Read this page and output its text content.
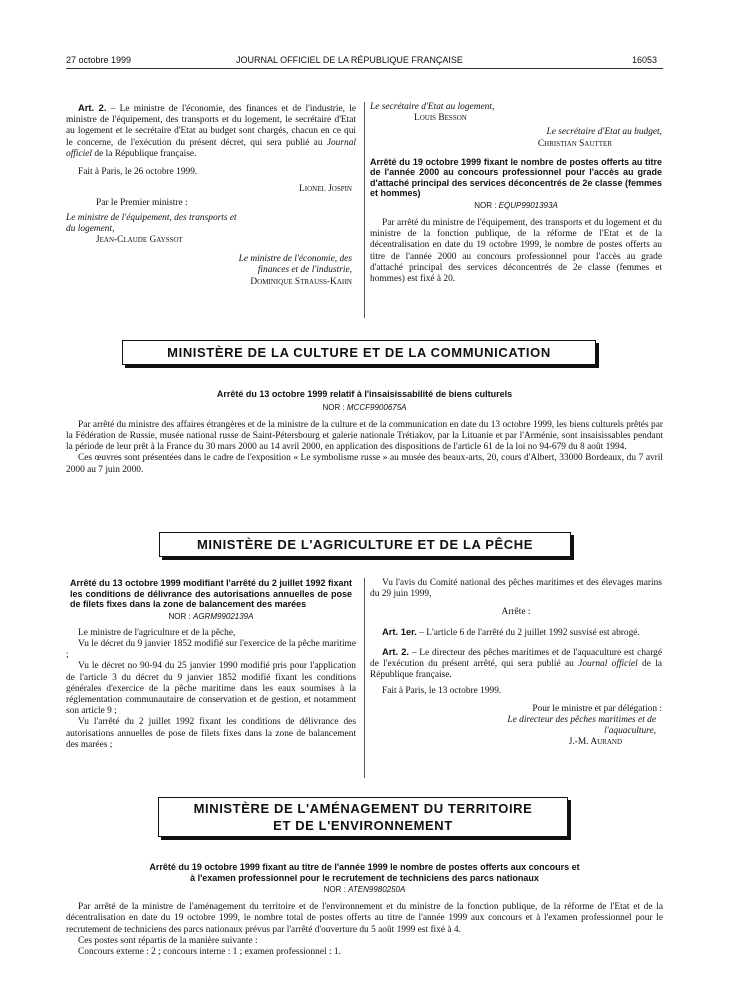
27 octobre 1999	JOURNAL OFFICIEL DE LA RÉPUBLIQUE FRANÇAISE	16053

Art. 2. – Le ministre de l'économie, des finances et de l'industrie, le ministre de l'équipement, des transports et du logement, le secrétaire d'Etat au logement et le secrétaire d'Etat au budget sont chargés, chacun en ce qui le concerne, de l'exécution du présent décret, qui sera publié au Journal officiel de la République française.

Fait à Paris, le 26 octobre 1999.

Lionel Jospin

Par le Premier ministre :

Le ministre de l'équipement, des transports et du logement,

Jean-Claude Gayssot

Le ministre de l'économie, des finances et de l'industrie,

Dominique Strauss-Kahn

Le secrétaire d'Etat au logement,

Louis Besson

Le secrétaire d'Etat au budget,

Christian Sautter

Arrêté du 19 octobre 1999 fixant le nombre de postes offerts au titre de l'année 2000 au concours professionnel pour l'accès au grade d'attaché principal des services déconcentrés de 2e classe (femmes et hommes)

NOR : EQUP9901393A

Par arrêté du ministre de l'équipement, des transports et du logement et du ministre de la fonction publique, de la réforme de l'Etat et de la décentralisation en date du 19 octobre 1999, le nombre de postes offerts au titre de l'année 2000 au concours professionnel pour l'accès au grade d'attaché principal des services déconcentrés de 2e classe (femmes et hommes) est fixé à 20.

MINISTÈRE DE LA CULTURE ET DE LA COMMUNICATION

Arrêté du 13 octobre 1999 relatif à l'insaisissabilité de biens culturels

NOR : MCCF9900675A

Par arrêté du ministre des affaires étrangères et de la ministre de la culture et de la communication en date du 13 octobre 1999, les biens culturels prêtés par la Fédération de Russie, musée national russe de Saint-Pétersbourg et galerie nationale Trétiakov, par la Lituanie et par l'Arménie, sont insaisissables pendant la période de leur prêt à la France du 30 mars 2000 au 14 avril 2000, en application des dispositions de l'article 61 de la loi no 94-679 du 8 août 1994.

Ces œuvres sont présentées dans le cadre de l'exposition « Le symbolisme russe » au musée des beaux-arts, 20, cours d'Albert, 33000 Bordeaux, du 7 avril 2000 au 7 juin 2000.

MINISTÈRE DE L'AGRICULTURE ET DE LA PÊCHE

Arrêté du 13 octobre 1999 modifiant l'arrêté du 2 juillet 1992 fixant les conditions de délivrance des autorisations annuelles de pose de filets fixes dans la zone de balancement des marées

NOR : AGRM9902139A

Le ministre de l'agriculture et de la pêche,

Vu le décret du 9 janvier 1852 modifié sur l'exercice de la pêche maritime ;

Vu le décret no 90-94 du 25 janvier 1990 modifié pris pour l'application de l'article 3 du décret du 9 janvier 1852 modifié fixant les conditions générales d'exercice de la pêche maritime dans les eaux soumises à la réglementation communautaire de conservation et de gestion, et notamment son article 9 ;

Vu l'arrêté du 2 juillet 1992 fixant les conditions de délivrance des autorisations annuelles de pose de filets fixes dans la zone de balancement des marées ;

Vu l'avis du Comité national des pêches maritimes et des élevages marins du 29 juin 1999,

Arrête :

Art. 1er. – L'article 6 de l'arrêté du 2 juillet 1992 susvisé est abrogé.

Art. 2. – Le directeur des pêches maritimes et de l'aquaculture est chargé de l'exécution du présent arrêté, qui sera publié au Journal officiel de la République française.

Fait à Paris, le 13 octobre 1999.

Pour le ministre et par délégation :

Le directeur des pêches maritimes et de l'aquaculture,

J.-M. Aurand

MINISTÈRE DE L'AMÉNAGEMENT DU TERRITOIRE
ET DE L'ENVIRONNEMENT

Arrêté du 19 octobre 1999 fixant au titre de l'année 1999 le nombre de postes offerts aux concours et à l'examen professionnel pour le recrutement de techniciens des parcs nationaux

NOR : ATEN9980250A

Par arrêté de la ministre de l'aménagement du territoire et de l'environnement et du ministre de la fonction publique, de la réforme de l'Etat et de la décentralisation en date du 19 octobre 1999, le nombre total de postes offerts au titre de l'année 1999 aux concours et à l'examen professionnel pour le recrutement de techniciens des parcs nationaux prévus par l'arrêté d'ouverture du 5 août 1999 est fixé à 4.

Ces postes sont répartis de la manière suivante :

Concours externe : 2 ; concours interne : 1 ; examen professionnel : 1.
